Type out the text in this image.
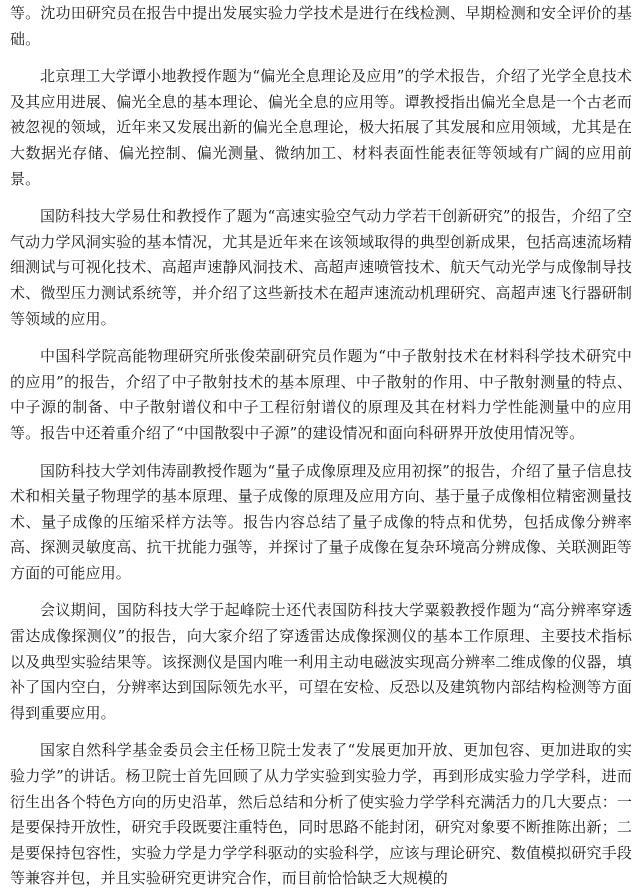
等。沈功田研究员在报告中提出发展实验力学技术是进行在线检测、早期检测和安全评价的基础。

北京理工大学谭小地教授作题为“偏光全息理论及应用”的学术报告，介绍了光学全息技术及其应用进展、偏光全息的基本理论、偏光全息的应用等。谭教授指出偏光全息是一个古老而被忽视的领域，近年来又发展出新的偏光全息理论，极大拓展了其发展和应用领域，尤其是在大数据光存储、偏光控制、偏光测量、微纳加工、材料表面性能表征等领域有广阔的应用前景。

国防科技大学易仕和教授作了题为“高速实验空气动力学若干创新研究”的报告，介绍了空气动力学风洞实验的基本情况，尤其是近年来在该领域取得的典型创新成果，包括高速流场精细测试与可视化技术、高超声速静风洞技术、高超声速喷管技术、航天气动光学与成像制导技术、微型压力测试系统等，并介绍了这些新技术在超声速流动机理研究、高超声速飞行器研制等领域的应用。

中国科学院高能物理研究所张俊荣副研究员作题为“中子散射技术在材料科学技术研究中的应用”的报告，介绍了中子散射技术的基本原理、中子散射的作用、中子散射测量的特点、中子源的制备、中子散射谱仪和中子工程衍射谱仪的原理及其在材料力学性能测量中的应用等。报告中还着重介绍了“中国散裂中子源”的建设情况和面向科研界开放使用情况等。

国防科技大学刘伟涛副教授作题为“量子成像原理及应用初探”的报告，介绍了量子信息技术和相关量子物理学的基本原理、量子成像的原理及应用方向、基于量子成像相位精密测量技术、量子成像的压缩采样方法等。报告内容总结了量子成像的特点和优势，包括成像分辨率高、探测灵敏度高、抗干扰能力强等，并探讨了量子成像在复杂环境高分辨成像、关联测距等方面的可能应用。

会议期间，国防科技大学于起峰院士还代表国防科技大学粟毅教授作题为“高分辨率穿透雷达成像探测仪”的报告，向大家介绍了穿透雷达成像探测仪的基本工作原理、主要技术指标以及典型实验结果等。该探测仪是国内唯一利用主动电磁波实现高分辨率二维成像的仪器，填补了国内空白，分辨率达到国际领先水平，可望在安检、反恐以及建筑物内部结构检测等方面得到重要应用。

国家自然科学基金委员会主任杨卫院士发表了“发展更加开放、更加包容、更加进取的实验力学”的讲话。杨卫院士首先回顾了从力学实验到实验力学，再到形成实验力学学科，进而衍生出各个特色方向的历史沿革，然后总结和分析了使实验力学学科充满活力的几大要点：一是要保持开放性，研究手段既要注重特色，同时思路不能封闭，研究对象要不断推陈出新；二是要保持包容性，实验力学是力学学科驱动的实验科学，应该与理论研究、数值模拟研究手段等兼容并包，并且实验研究更讲究合作，而目前恰恰缺乏大规模的
